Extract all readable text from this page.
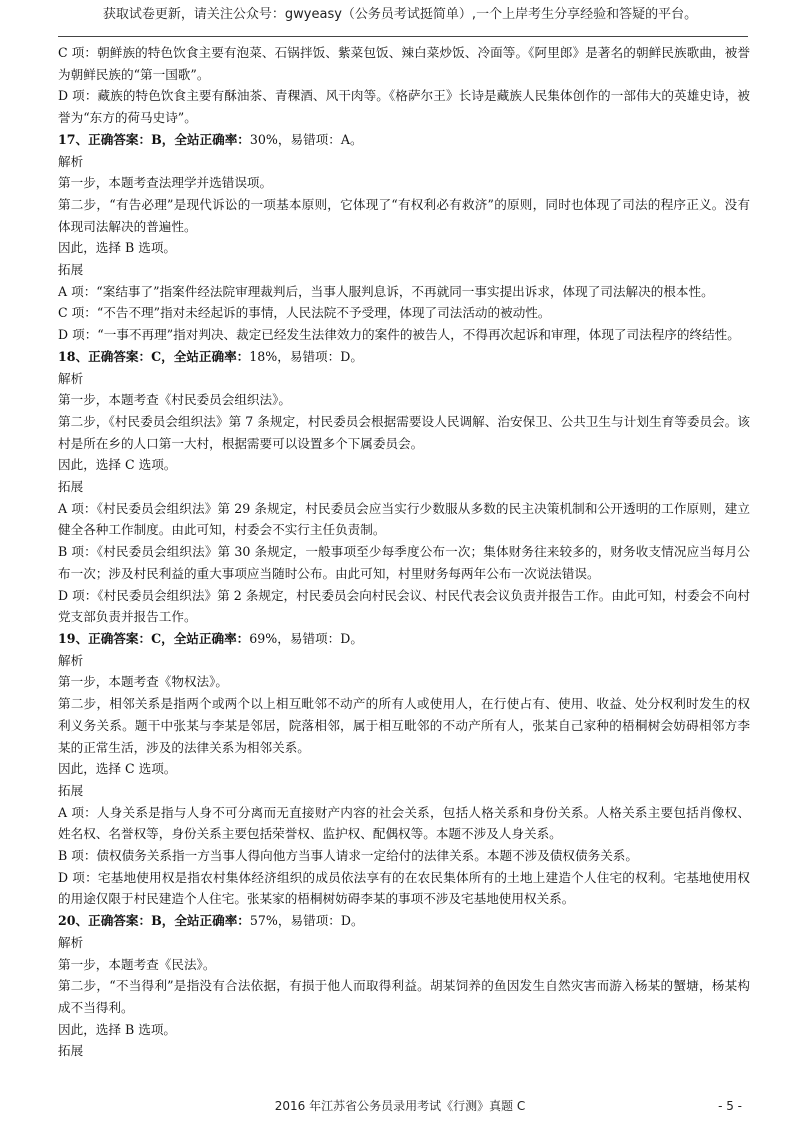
获取试卷更新，请关注公众号：gwyeasy（公务员考试挺简单）,一个上岸考生分享经验和答疑的平台。

C 项：朝鲜族的特色饮食主要有泡菜、石锅拌饭、紫菜包饭、辣白菜炒饭、冷面等。《阿里郎》是著名的朝鲜民族歌曲，被誉为朝鲜民族的“第一国歌”。

D 项：藏族的特色饮食主要有酥油茶、青稞酒、风干肉等。《格萨尔王》长诗是藏族人民集体创作的一部伟大的英雄史诗，被誉为“东方的荷马史诗”。

17、正确答案：B，全站正确率：30%，易错项：A。

解析

第一步，本题考查法理学并选错误项。

第二步，“有告必理”是现代诉讼的一项基本原则，它体现了“有权利必有救济”的原则，同时也体现了司法的程序正义。没有体现司法解决的普遍性。

因此，选择 B 选项。

拓展

A 项：“案结事了”指案件经法院审理裁判后，当事人服判息诉，不再就同一事实提出诉求，体现了司法解决的根本性。

C 项：“不告不理”指对未经起诉的事情，人民法院不予受理，体现了司法活动的被动性。

D 项：“一事不再理”指对判决、裁定已经发生法律效力的案件的被告人，不得再次起诉和审理，体现了司法程序的终结性。

18、正确答案：C，全站正确率：18%，易错项：D。

解析

第一步，本题考查《村民委员会组织法》。

第二步，《村民委员会组织法》第 7 条规定，村民委员会根据需要设人民调解、治安保卫、公共卫生与计划生育等委员会。该村是所在乡的人口第一大村，根据需要可以设置多个下属委员会。

因此，选择 C 选项。

拓展

A 项：《村民委员会组织法》第 29 条规定，村民委员会应当实行少数服从多数的民主决策机制和公开透明的工作原则，建立健全各种工作制度。由此可知，村委会不实行主任负责制。

B 项：《村民委员会组织法》第 30 条规定，一般事项至少每季度公布一次；集体财务往来较多的，财务收支情况应当每月公布一次；涉及村民利益的重大事项应当随时公布。由此可知，村里财务每两年公布一次说法错误。

D 项：《村民委员会组织法》第 2 条规定，村民委员会向村民会议、村民代表会议负责并报告工作。由此可知，村委会不向村党支部负责并报告工作。

19、正确答案：C，全站正确率：69%，易错项：D。

解析

第一步，本题考查《物权法》。

第二步，相邻关系是指两个或两个以上相互毗邻不动产的所有人或使用人，在行使占有、使用、收益、处分权利时发生的权利义务关系。题干中张某与李某是邻居，院落相邻，属于相互毗邻的不动产所有人，张某自己家种的梧桐树会妨碍相邻方李某的正常生活，涉及的法律关系为相邻关系。

因此，选择 C 选项。

拓展

A 项：人身关系是指与人身不可分离而无直接财产内容的社会关系，包括人格关系和身份关系。人格关系主要包括肖像权、姓名权、名誉权等，身份关系主要包括荣誉权、监护权、配偶权等。本题不涉及人身关系。

B 项：债权债务关系指一方当事人得向他方当事人请求一定给付的法律关系。本题不涉及债权债务关系。

D 项：宅基地使用权是指农村集体经济组织的成员依法享有的在农民集体所有的土地上建造个人住宅的权利。宅基地使用权的用途仅限于村民建造个人住宅。张某家的梧桐树妨碍李某的事项不涉及宅基地使用权关系。

20、正确答案：B，全站正确率：57%，易错项：D。

解析

第一步，本题考查《民法》。

第二步，“不当得利”是指没有合法依据，有损于他人而取得利益。胡某饲养的鱼因发生自然灾害而游入杨某的蟹塘，杨某构成不当得利。

因此，选择 B 选项。

拓展

2016 年江苏省公务员录用考试《行测》真题 C	- 5 -
